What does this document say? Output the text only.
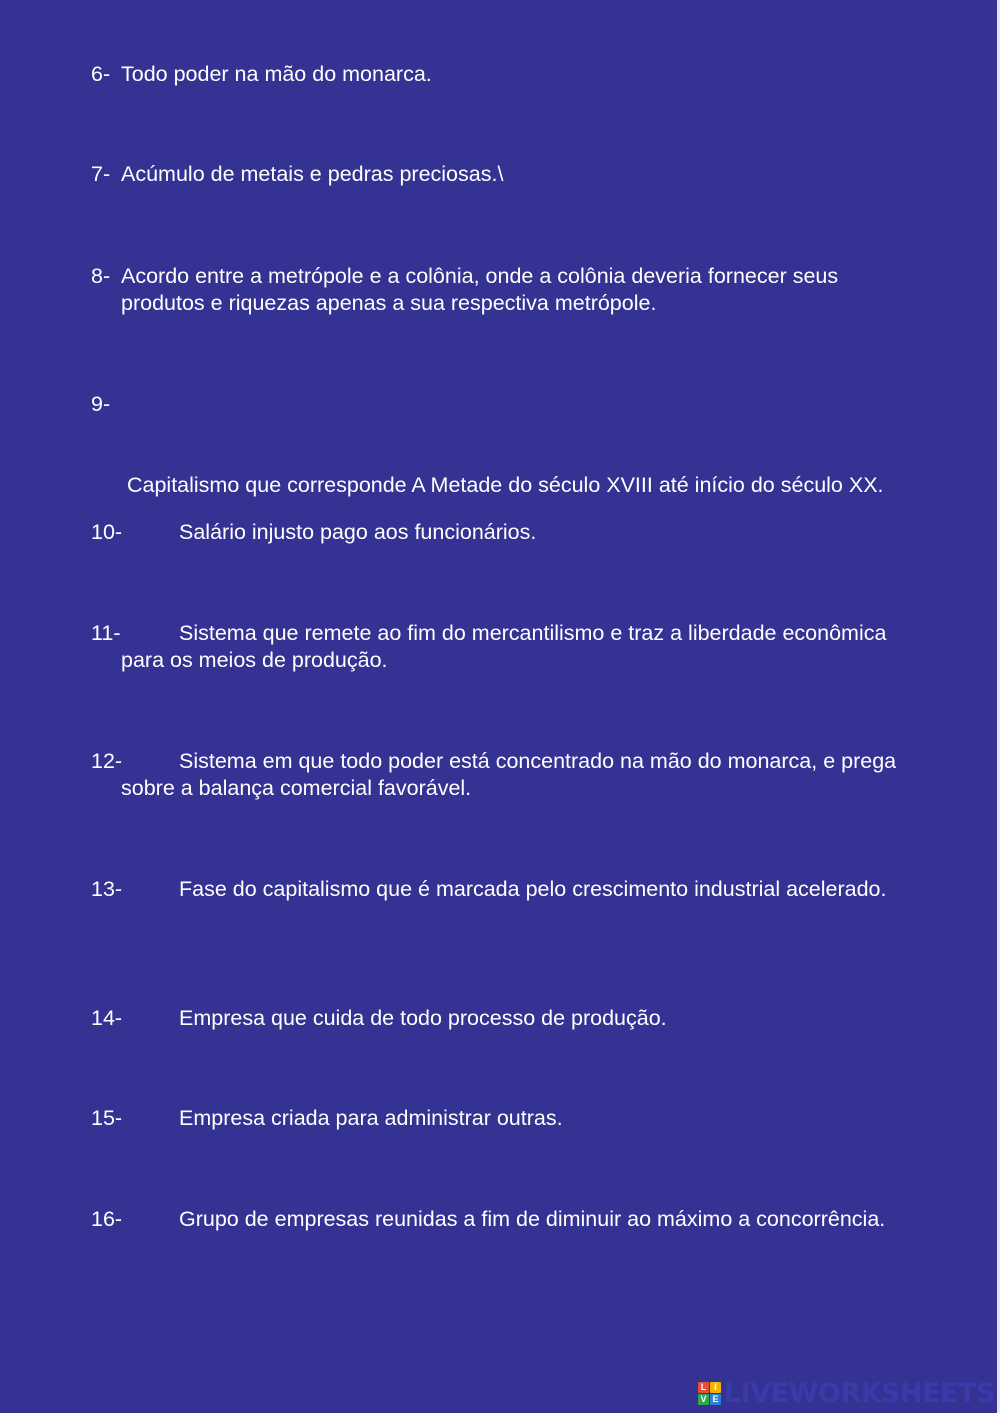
6- Todo poder na mão do monarca.
7- Acúmulo de metais e pedras preciosas.\
8- Acordo entre a metrópole e a colônia, onde a colônia deveria fornecer seus produtos e riquezas apenas a sua respectiva metrópole.

9-

Capitalismo que corresponde A Metade do século XVIII até início do século XX.

10-	Salário injusto pago aos funcionários.
11-	Sistema que remete ao fim do mercantilismo e traz a liberdade econômica para os meios de produção.
12-	Sistema em que todo poder está concentrado na mão do monarca, e prega sobre a balança comercial favorável.
13-	Fase do capitalismo que é marcada pelo crescimento industrial acelerado.
14-	Empresa que cuida de todo processo de produção.
15-	Empresa criada para administrar outras.
16-	Grupo de empresas reunidas a fim de diminuir ao máximo a concorrência.
L I
V E LIVEWORKSHEETS
